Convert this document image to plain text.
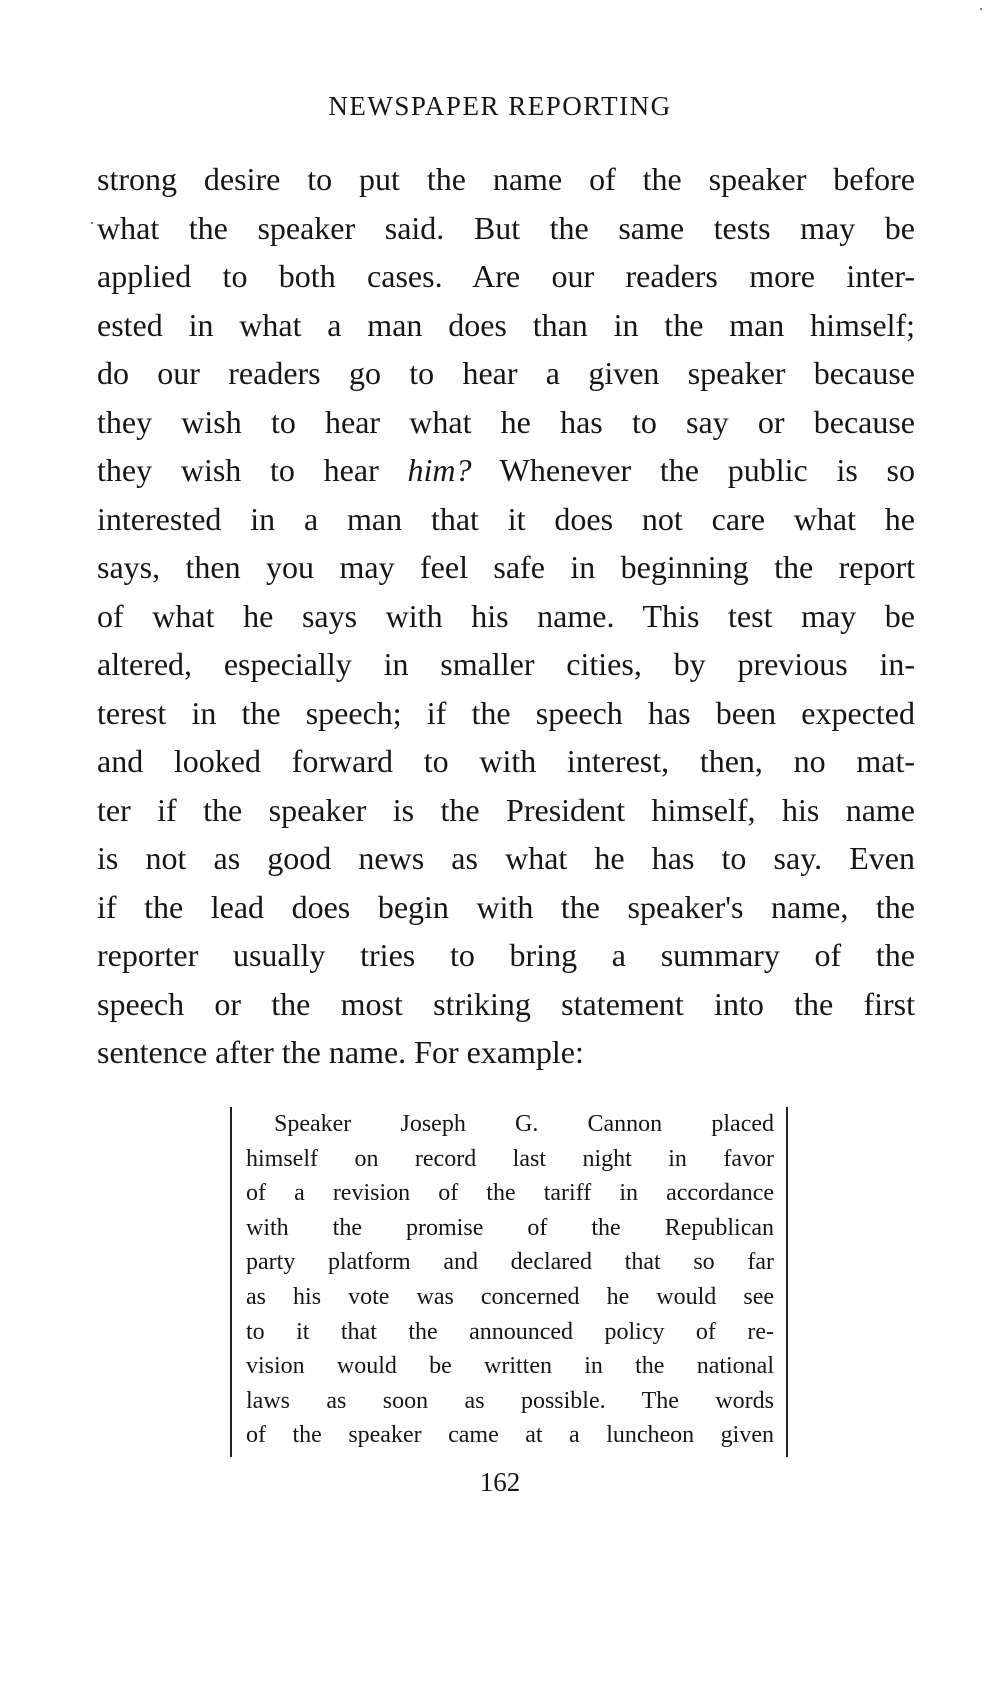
NEWSPAPER REPORTING
strong desire to put the name of the speaker before
what the speaker said. But the same tests may be
applied to both cases. Are our readers more inter-
ested in what a man does than in the man himself;
do our readers go to hear a given speaker because
they wish to hear what he has to say or because
they wish to hear him? Whenever the public is so
interested in a man that it does not care what he
says, then you may feel safe in beginning the report
of what he says with his name. This test may be
altered, especially in smaller cities, by previous in-
terest in the speech; if the speech has been expected
and looked forward to with interest, then, no mat-
ter if the speaker is the President himself, his name
is not as good news as what he has to say. Even
if the lead does begin with the speaker's name, the
reporter usually tries to bring a summary of the
speech or the most striking statement into the first
sentence after the name. For example:
Speaker Joseph G. Cannon placed
himself on record last night in favor
of a revision of the tariff in accordance
with the promise of the Republican
party platform and declared that so far
as his vote was concerned he would see
to it that the announced policy of re-
vision would be written in the national
laws as soon as possible. The words
of the speaker came at a luncheon given
162
